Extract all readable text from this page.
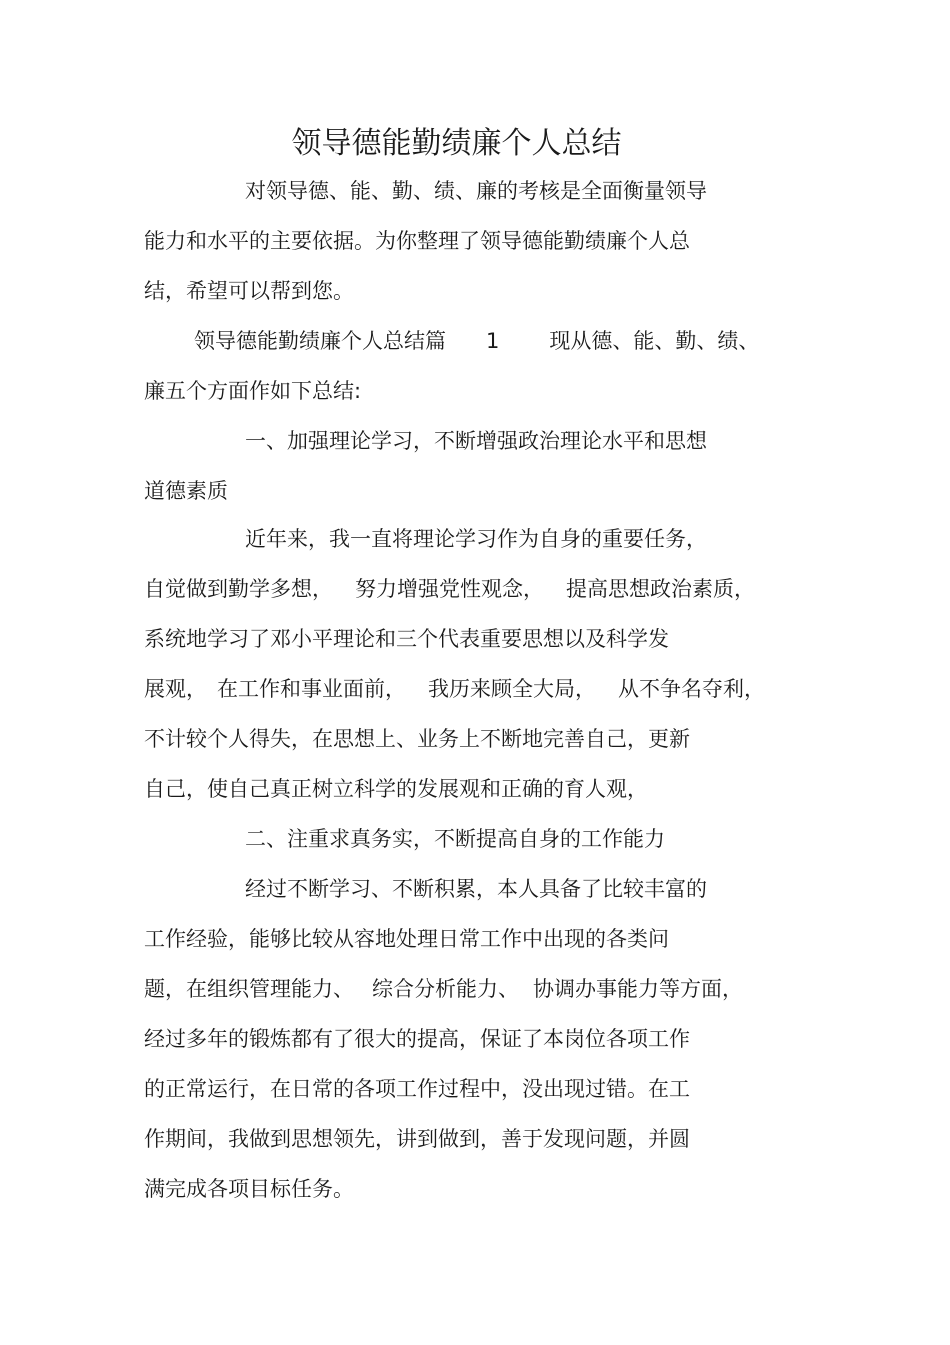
领导德能勤绩廉个人总结
对领导德、能、勤、绩、廉的考核是全面衡量领导
能力和水平的主要依据。为你整理了领导德能勤绩廉个人总
结，希望可以帮到您。
领导德能勤绩廉个人总结篇 1 现从德、能、勤、绩、
廉五个方面作如下总结:
一、加强理论学习，不断增强政治理论水平和思想
道德素质
近年来，我一直将理论学习作为自身的重要任务，
自觉做到勤学多想， 努力增强党性观念， 提高思想政治素质，
系统地学习了邓小平理论和三个代表重要思想以及科学发
展观， 在工作和事业面前， 我历来顾全大局， 从不争名夺利，
不计较个人得失，在思想上、业务上不断地完善自己，更新
自己，使自己真正树立科学的发展观和正确的育人观，
二、注重求真务实，不断提高自身的工作能力
经过不断学习、不断积累，本人具备了比较丰富的
工作经验，能够比较从容地处理日常工作中出现的各类问
题，在组织管理能力、 综合分析能力、 协调办事能力等方面，
经过多年的锻炼都有了很大的提高，保证了本岗位各项工作
的正常运行，在日常的各项工作过程中，没出现过错。在工
作期间，我做到思想领先，讲到做到，善于发现问题，并圆
满完成各项目标任务。
